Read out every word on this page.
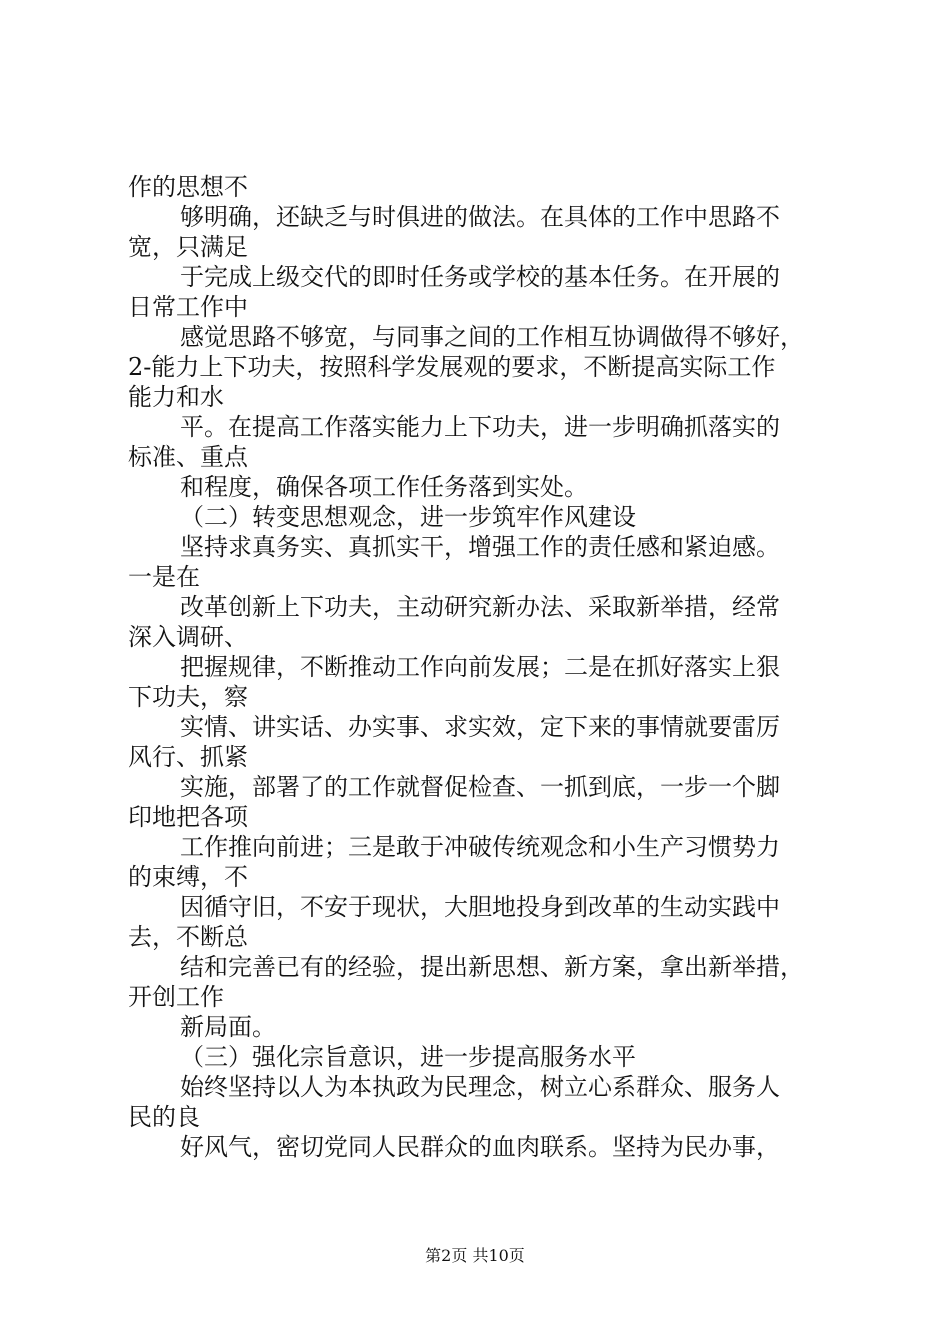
作的思想不
够明确，还缺乏与时俱进的做法。在具体的工作中思路不
宽，只满足
于完成上级交代的即时任务或学校的基本任务。在开展的
日常工作中
感觉思路不够宽，与同事之间的工作相互协调做得不够好，
2-能力上下功夫，按照科学发展观的要求，不断提高实际工作
能力和水
平。在提高工作落实能力上下功夫，进一步明确抓落实的
标准、重点
和程度，确保各项工作任务落到实处。
（二）转变思想观念，进一步筑牢作风建设
坚持求真务实、真抓实干，增强工作的责任感和紧迫感。
一是在
改革创新上下功夫，主动研究新办法、采取新举措，经常
深入调研、
把握规律，不断推动工作向前发展；二是在抓好落实上狠
下功夫，察
实情、讲实话、办实事、求实效，定下来的事情就要雷厉
风行、抓紧
实施，部署了的工作就督促检查、一抓到底，一步一个脚
印地把各项
工作推向前进；三是敢于冲破传统观念和小生产习惯势力
的束缚，不
因循守旧，不安于现状，大胆地投身到改革的生动实践中
去，不断总
结和完善已有的经验，提出新思想、新方案，拿出新举措，
开创工作
新局面。
（三）强化宗旨意识，进一步提高服务水平
始终坚持以人为本执政为民理念，树立心系群众、服务人
民的良
好风气，密切党同人民群众的血肉联系。坚持为民办事，
第2页 共10页
